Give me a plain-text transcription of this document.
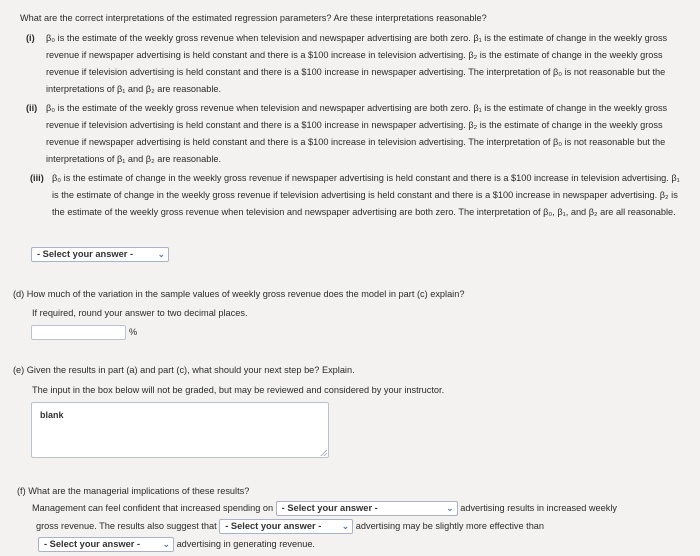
What are the correct interpretations of the estimated regression parameters? Are these interpretations reasonable?
(i) β₀ is the estimate of the weekly gross revenue when television and newspaper advertising are both zero. β₁ is the estimate of change in the weekly gross revenue if newspaper advertising is held constant and there is a $100 increase in television advertising. β₂ is the estimate of change in the weekly gross revenue if television advertising is held constant and there is a $100 increase in newspaper advertising. The interpretation of β₀ is not reasonable but the interpretations of β₁ and β₂ are reasonable.
(ii) β₀ is the estimate of the weekly gross revenue when television and newspaper advertising are both zero. β₁ is the estimate of change in the weekly gross revenue if television advertising is held constant and there is a $100 increase in newspaper advertising. β₂ is the estimate of change in the weekly gross revenue if newspaper advertising is held constant and there is a $100 increase in television advertising. The interpretation of β₀ is not reasonable but the interpretations of β₁ and β₂ are reasonable.
(iii) β₀ is the estimate of change in the weekly gross revenue if newspaper advertising is held constant and there is a $100 increase in television advertising. β₁ is the estimate of change in the weekly gross revenue if television advertising is held constant and there is a $100 increase in newspaper advertising. β₂ is the estimate of the weekly gross revenue when television and newspaper advertising are both zero. The interpretation of β₀, β₁, and β₂ are all reasonable.
- Select your answer -	⌄
(d) How much of the variation in the sample values of weekly gross revenue does the model in part (c) explain?
If required, round your answer to two decimal places.
%
(e) Given the results in part (a) and part (c), what should your next step be? Explain.
The input in the box below will not be graded, but may be reviewed and considered by your instructor.
blank
(f) What are the managerial implications of these results?
Management can feel confident that increased spending on - Select your answer -	⌄ advertising results in increased weekly
gross revenue. The results also suggest that - Select your answer - ⌄ advertising may be slightly more effective than
- Select your answer - ⌄ advertising in generating revenue.
